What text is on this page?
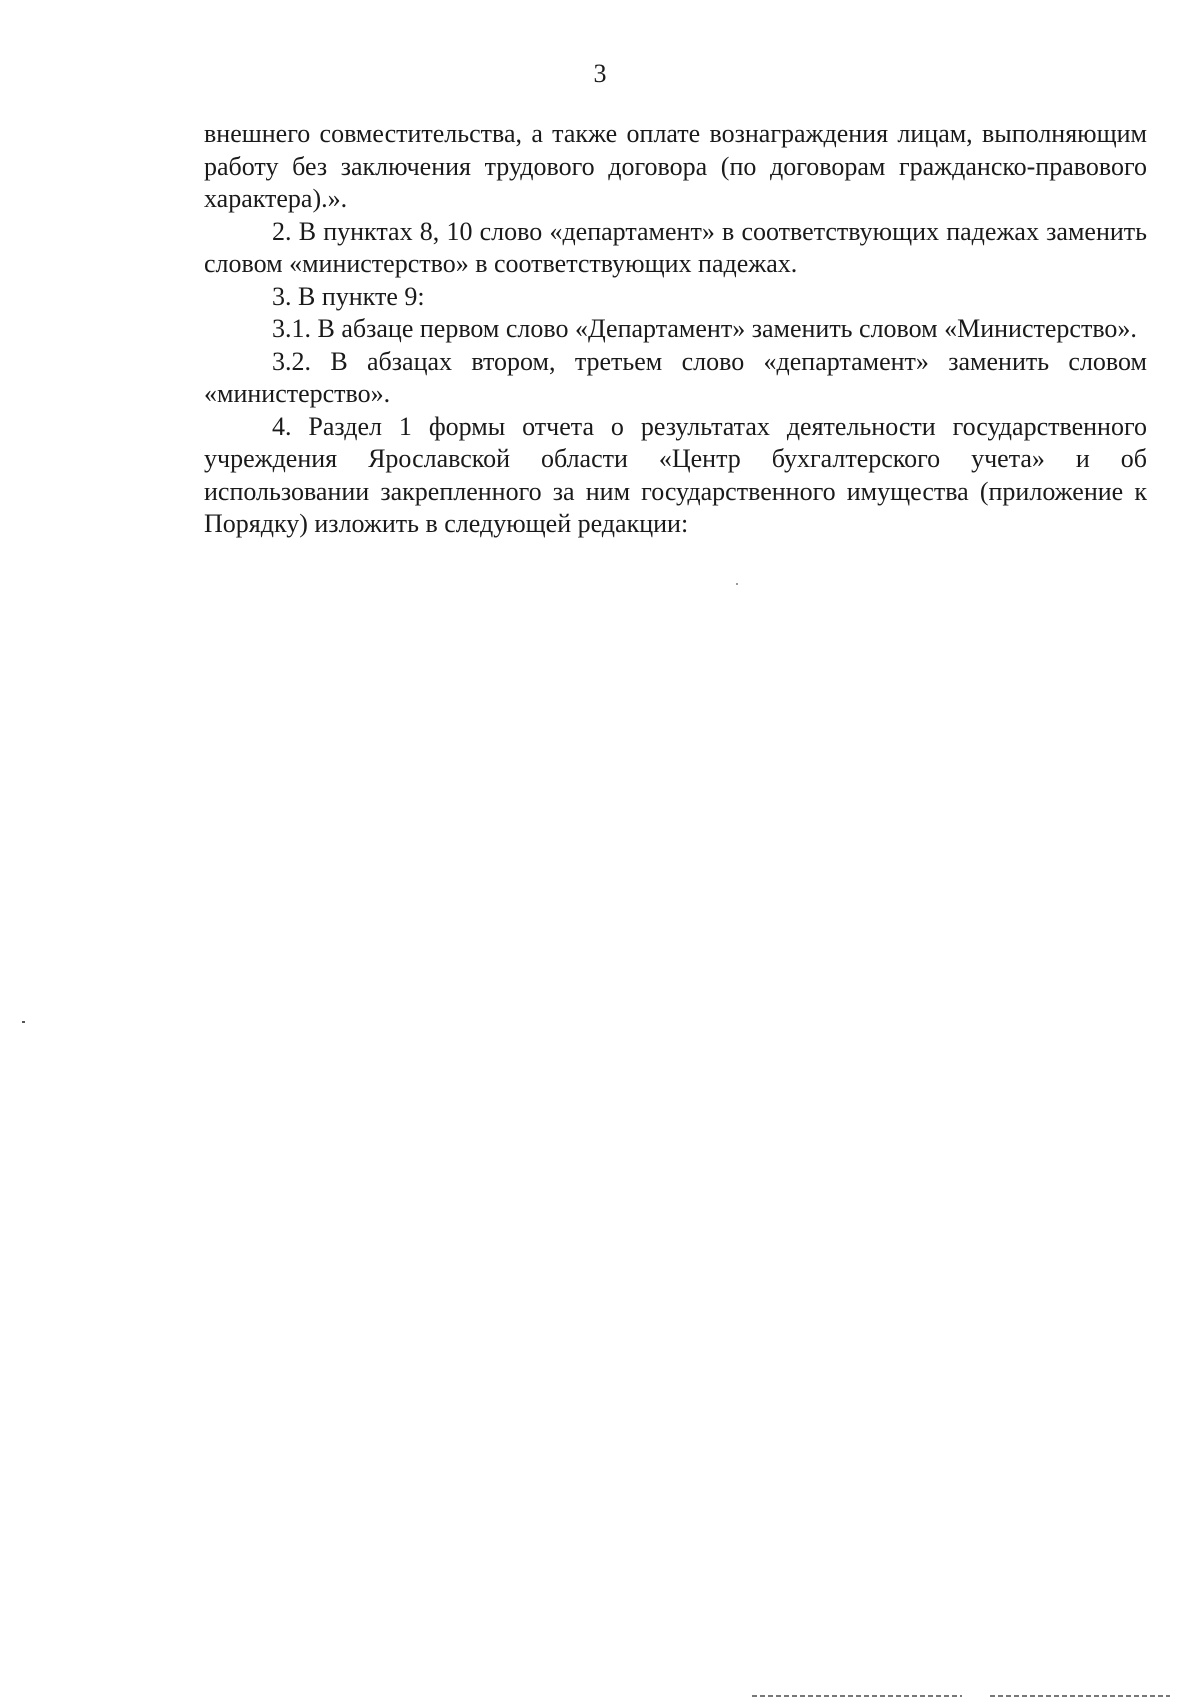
3

внешнего совместительства, а также оплате вознаграждения лицам, выполняющим работу без заключения трудового договора (по договорам гражданско-правового характера).».

2. В пунктах 8, 10 слово «департамент» в соответствующих падежах заменить словом «министерство» в соответствующих падежах.

3. В пункте 9:

3.1. В абзаце первом слово «Департамент» заменить словом «Министерство».

3.2. В абзацах втором, третьем слово «департамент» заменить словом «министерство».

4. Раздел 1 формы отчета о результатах деятельности государственного учреждения Ярославской области «Центр бухгалтерского учета» и об использовании закрепленного за ним государственного имущества (приложение к Порядку) изложить в следующей редакции:
